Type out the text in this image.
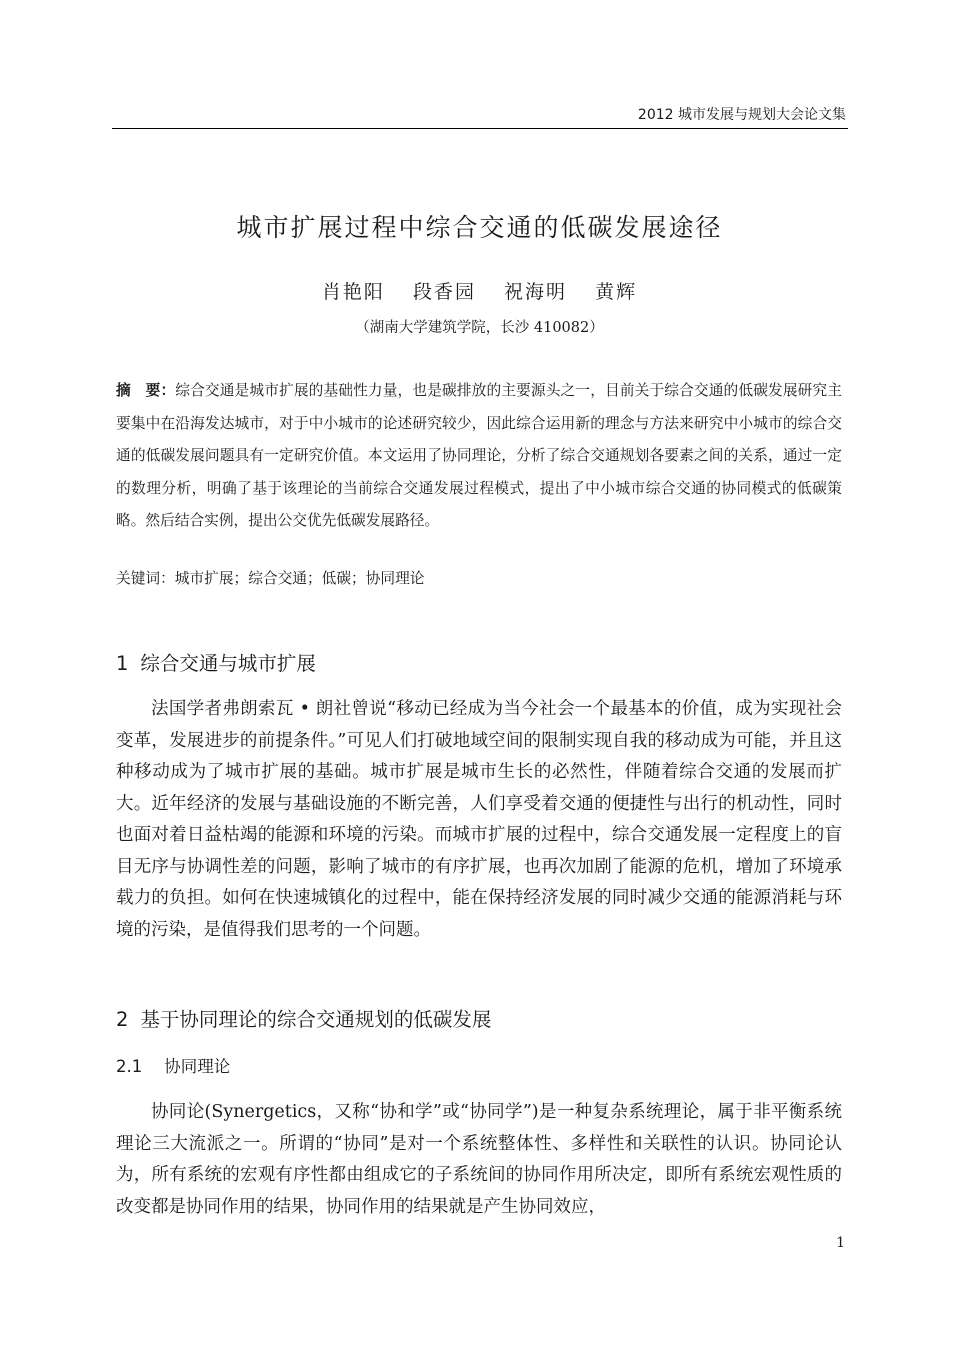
2012 城市发展与规划大会论文集
城市扩展过程中综合交通的低碳发展途径
肖艳阳 段香园 祝海明 黄辉
（湖南大学建筑学院，长沙 410082）
摘　要：综合交通是城市扩展的基础性力量，也是碳排放的主要源头之一，目前关于综合交通的低碳发展研究主要集中在沿海发达城市，对于中小城市的论述研究较少，因此综合运用新的理念与方法来研究中小城市的综合交通的低碳发展问题具有一定研究价值。本文运用了协同理论，分析了综合交通规划各要素之间的关系，通过一定的数理分析，明确了基于该理论的当前综合交通发展过程模式，提出了中小城市综合交通的协同模式的低碳策略。然后结合实例，提出公交优先低碳发展路径。
关键词：城市扩展；综合交通；低碳；协同理论
1 综合交通与城市扩展

法国学者弗朗索瓦 • 朗社曾说“移动已经成为当今社会一个最基本的价值，成为实现社会变革，发展进步的前提条件。”可见人们打破地域空间的限制实现自我的移动成为可能，并且这种移动成为了城市扩展的基础。城市扩展是城市生长的必然性，伴随着综合交通的发展而扩大。近年经济的发展与基础设施的不断完善，人们享受着交通的便捷性与出行的机动性，同时也面对着日益枯竭的能源和环境的污染。而城市扩展的过程中，综合交通发展一定程度上的盲目无序与协调性差的问题，影响了城市的有序扩展，也再次加剧了能源的危机，增加了环境承载力的负担。如何在快速城镇化的过程中，能在保持经济发展的同时减少交通的能源消耗与环境的污染，是值得我们思考的一个问题。

2 基于协同理论的综合交通规划的低碳发展
2.1 协同理论

协同论(Synergetics，又称“协和学”或“协同学”)是一种复杂系统理论，属于非平衡系统理论三大流派之一。所谓的“协同”是对一个系统整体性、多样性和关联性的认识。协同论认为，所有系统的宏观有序性都由组成它的子系统间的协同作用所决定，即所有系统宏观性质的改变都是协同作用的结果，协同作用的结果就是产生协同效应，

1
